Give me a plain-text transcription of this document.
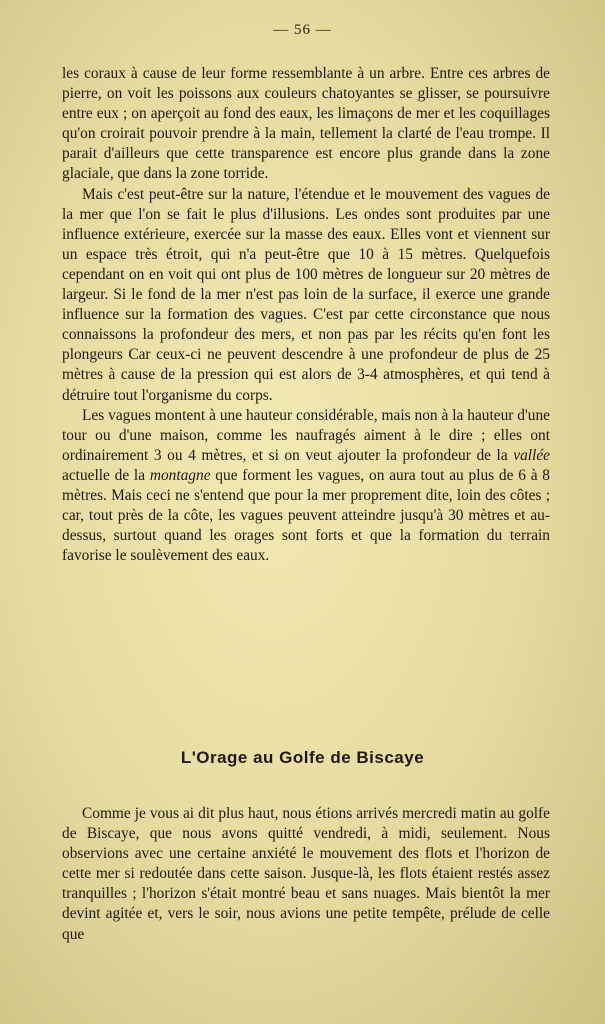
— 56 —

les coraux à cause de leur forme ressemblante à un arbre. Entre ces arbres de pierre, on voit les poissons aux couleurs chatoyantes se glisser, se poursuivre entre eux ; on aperçoit au fond des eaux, les limaçons de mer et les coquillages qu'on croirait pouvoir prendre à la main, tellement la clarté de l'eau trompe. Il parait d'ailleurs que cette transparence est encore plus grande dans la zone glaciale, que dans la zone torride.

Mais c'est peut-être sur la nature, l'étendue et le mouvement des vagues de la mer que l'on se fait le plus d'illusions. Les ondes sont produites par une influence extérieure, exercée sur la masse des eaux. Elles vont et viennent sur un espace très étroit, qui n'a peut-être que 10 à 15 mètres. Quelquefois cependant on en voit qui ont plus de 100 mètres de longueur sur 20 mètres de largeur. Si le fond de la mer n'est pas loin de la surface, il exerce une grande influence sur la formation des vagues. C'est par cette circonstance que nous connaissons la profondeur des mers, et non pas par les récits qu'en font les plongeurs Car ceux-ci ne peuvent descendre à une profondeur de plus de 25 mètres à cause de la pression qui est alors de 3-4 atmosphères, et qui tend à détruire tout l'organisme du corps.

Les vagues montent à une hauteur considérable, mais non à la hauteur d'une tour ou d'une maison, comme les naufragés aiment à le dire ; elles ont ordinairement 3 ou 4 mètres, et si on veut ajouter la profondeur de la vallée actuelle de la montagne que forment les vagues, on aura tout au plus de 6 à 8 mètres. Mais ceci ne s'entend que pour la mer proprement dite, loin des côtes ; car, tout près de la côte, les vagues peuvent atteindre jusqu'à 30 mètres et au-dessus, surtout quand les orages sont forts et que la formation du terrain favorise le soulèvement des eaux.

L'Orage au Golfe de Biscaye

Comme je vous ai dit plus haut, nous étions arrivés mercredi matin au golfe de Biscaye, que nous avons quitté vendredi, à midi, seulement. Nous observions avec une certaine anxiété le mouvement des flots et l'horizon de cette mer si redoutée dans cette saison. Jusque-là, les flots étaient restés assez tranquilles ; l'horizon s'était montré beau et sans nuages. Mais bientôt la mer devint agitée et, vers le soir, nous avions une petite tempête, prélude de celle que
